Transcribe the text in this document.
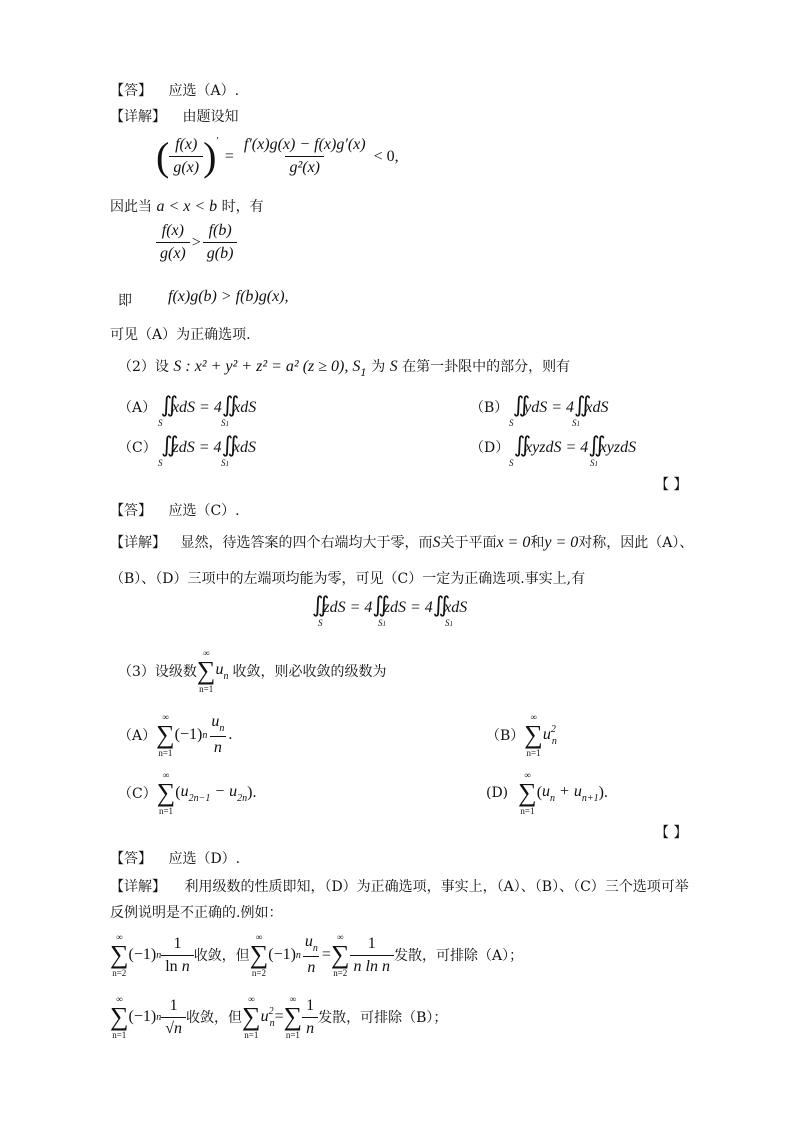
【答】 应选（A）.
【详解】 由题设知
( $\frac{f(x)}{g(x)}$ ) ′
= $\frac{f'(x)g(x) - f(x)g'(x)}{\text{g²(x)}} < 0$,
因此当 a < x < b 时，有
$\frac{f(x)}{g(x)} > \frac{f(b)}{g(b)}$
即 f(x)g(b) > f(b)g(x),
可见（A）为正确选项.
（2）设 S : x² + y² + z² = a² (z ≥ 0), $S_1$ 为 S 在第一卦限中的部分，则有
（A） ∬xdS = 4∬xdS
S	S1
（B） ∬ydS = 4∬xdS
S	S1
（C） ∬zdS = 4∬xdS
S	S1
（D） ∬xyzdS = 4∬xyzdS
S	S1
【 】
【答】 应选（C）.
【详解】 显然，待选答案的四个右端均大于零，而S关于平面x = 0和y = 0对称，因此（A）、
（B）、（D）三项中的左端项均能为零，可见（C）一定为正确选项.事实上,有
∬zdS = 4∬zdS = 4∬xdS
S	S1	S1
（3）设级数
∞
∑
n=1
$u_n$ 收敛，则必收敛的级数为
（A）
∞
∑
n=1
(−1) n $\frac{u_n}{n}$ .	（B）
∞
∑
n=1
$u^2_n$
（C）
∞
∑
n=1
( $u_{2n-1} - u_{2n}$ ).	(D)
∞
∑
n=1
( $u_n + u_{n+1}$ ).
【 】
【答】 应选（D）.
【详解】 利用级数的性质即知，（D）为正确选项，事实上，（A）、（B）、（C）三个选项可举
反例说明是不正确的.例如：
∞
∑
n=2
(−1) n $\frac{1}{\text{ln n}}$ 收敛，但
∞
∑
n=2
(−1) n $\frac{u_n}{n}$ =
∞
∑
$n=2 \frac{1}{\text{n ln n}}$ 发散，可排除（A）；
∞
∑
n=1
(−1) n $\frac{1}{√n}$ 收敛，但
∞
∑
n=1
$u^2_n$ =
∞
∑
$n=1 \frac{1}{n}$ 发散，可排除（B）；
